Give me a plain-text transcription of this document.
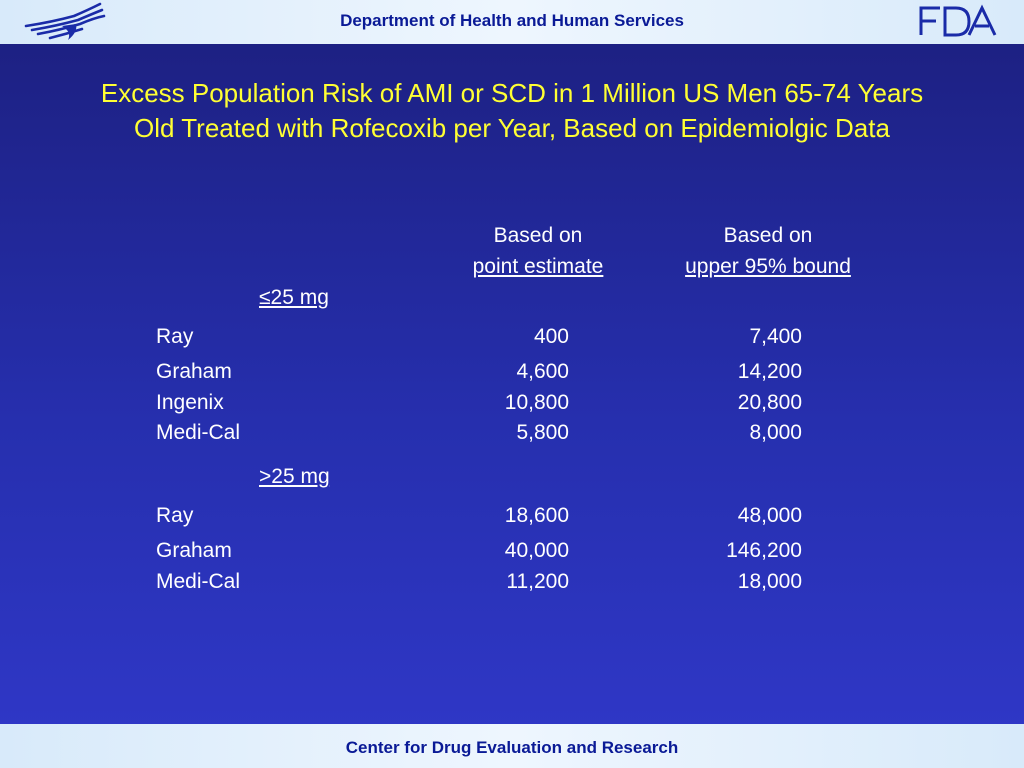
Department of Health and Human Services
Excess Population Risk of AMI or SCD in 1 Million US Men 65-74 Years
Old Treated with Rofecoxib per Year, Based on Epidemiolgic Data
Based on
point estimate
Based on
upper 95% bound
≤25 mg
Ray	400	7,400
Graham	4,600	14,200
Ingenix	10,800	20,800
Medi-Cal	5,800	8,000
>25 mg
Ray	18,600	48,000
Graham	40,000	146,200
Medi-Cal	11,200	18,000
Center for Drug Evaluation and Research
